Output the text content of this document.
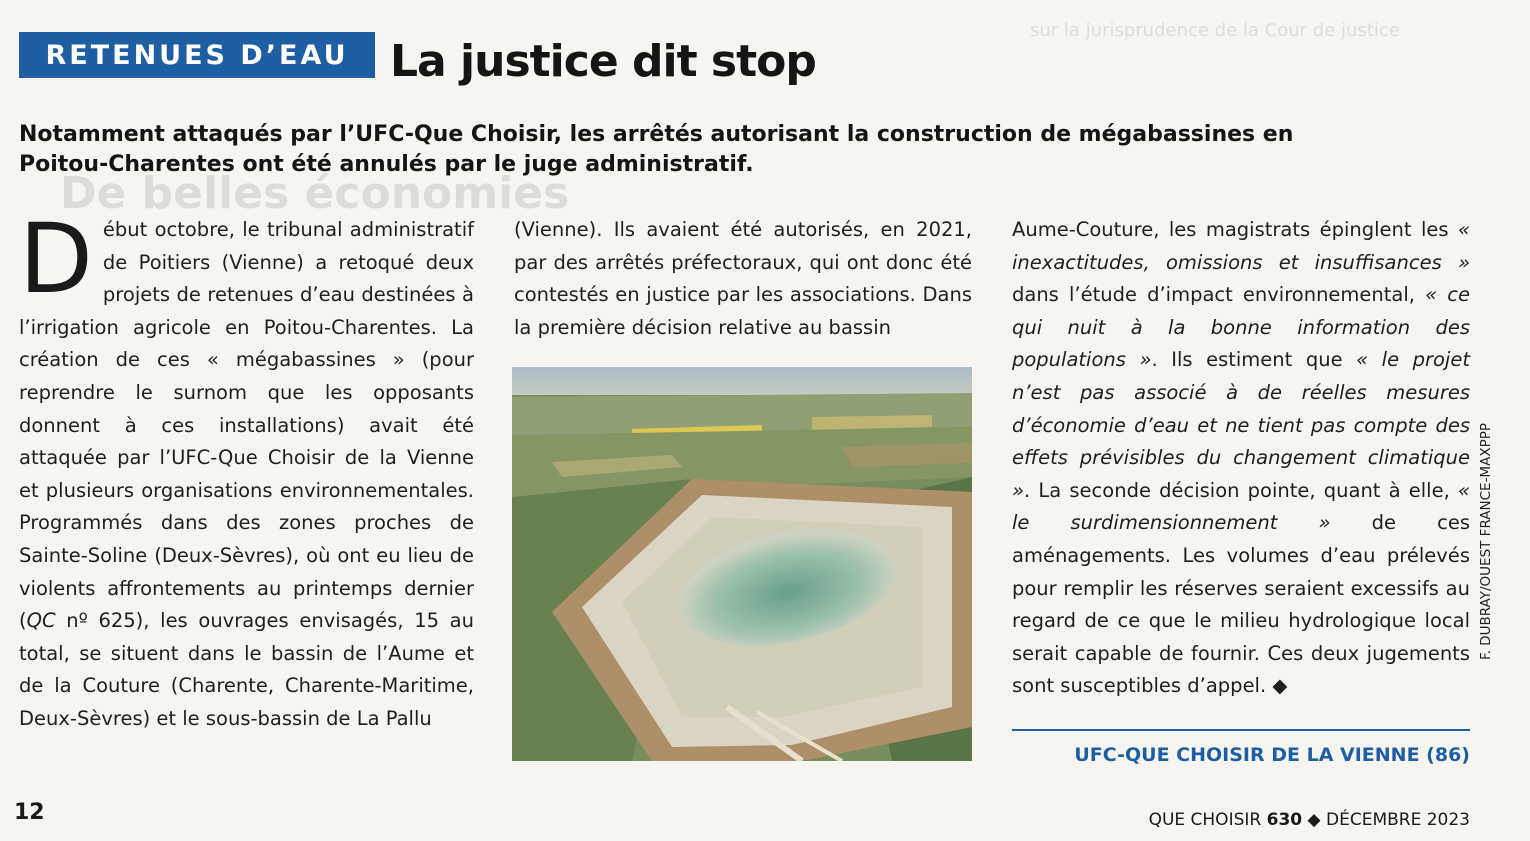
De belles économies
sur la jurisprudence de la Cour de justice
RETENUES D’EAU La justice dit stop
Notamment attaqués par l’UFC-Que Choisir, les arrêtés autorisant la construction de mégabassines en Poitou-Charentes ont été annulés par le juge administratif.
Début octobre, le tribunal administratif de Poitiers (Vienne) a retoqué deux projets de retenues d’eau destinées à l’irrigation agricole en Poitou-Charentes. La création de ces « mégabassines » (pour reprendre le surnom que les opposants donnent à ces installations) avait été attaquée par l’UFC-Que Choisir de la Vienne et plusieurs organisations environnementales. Programmés dans des zones proches de Sainte-Soline (Deux-Sèvres), où ont eu lieu de violents affrontements au printemps dernier (QC nº 625), les ouvrages envisagés, 15 au total, se situent dans le bassin de l’Aume et de la Couture (Charente, Charente-Maritime, Deux-Sèvres) et le sous-bassin de La Pallu
(Vienne). Ils avaient été autorisés, en 2021, par des arrêtés préfectoraux, qui ont donc été contestés en justice par les associations. Dans la première décision relative au bassin
Aume-Couture, les magistrats épinglent les « inexactitudes, omissions et insuffisances » dans l’étude d’impact environnemental, « ce qui nuit à la bonne information des populations ». Ils estiment que « le projet n’est pas associé à de réelles mesures d’économie d’eau et ne tient pas compte des effets prévisibles du changement climatique ». La seconde décision pointe, quant à elle, « le surdimensionnement » de ces aménagements. Les volumes d’eau prélevés pour remplir les réserves seraient excessifs au regard de ce que le milieu hydrologique local serait capable de fournir. Ces deux jugements sont susceptibles d’appel. ◆
UFC-QUE CHOISIR DE LA VIENNE (86)
F. DUBRAY/OUEST FRANCE-MAXPPP
12	QUE CHOISIR 630 ◆ DÉCEMBRE 2023
